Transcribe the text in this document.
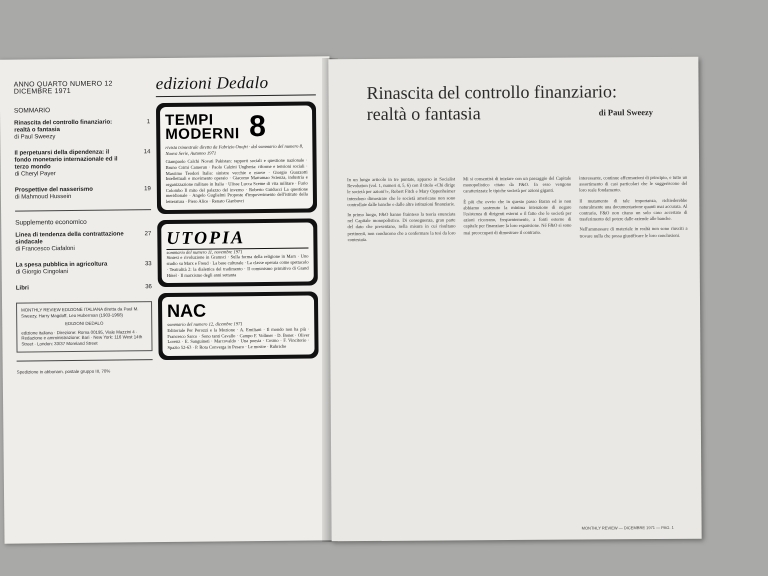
ANNO QUARTO NUMERO 12 DICEMBRE 1971
SOMMARIO
Rinascita del controllo finanziario: realtà o fantasia
di Paul Sweezy
1
Il perpetuarsi della dipendenza: il fondo monetario internazionale ed il terzo mondo
di Cheryl Payer
14
Prospettive del nasserismo
di Mahmoud Hussein
19
Supplemento economico
Linea di tendenza della contrattazione sindacale
di Francesco Ciafaloni
27
La spesa pubblica in agricoltura
di Giorgio Cingolani
33
Libri	36
MONTHLY REVIEW EDIZIONE ITALIANA diretta da Paul M. Sweezy, Harry Magdoff, Leo Huberman (1903-1968)
EDIZIONI DEDALO
edizione italiana · Direzione: Roma 00195, Viale Mazzini 4 · Redazione e amministrazione: Bari · New York: 116 West 14th Street · London: 33/37 Moreland Street
Spedizione in abbonam. postale gruppo III, 70%
edizioni Dedalo
TEMPI MODERNI 8
rivista trimestrale diretta da Fabrizio Onofri · dal sommario del numero 8, Nuova Serie, Autunno 1971
Giampaolo Calchi Novati Pakistan: rapporti sociali e questione nazionale · Bruno Crimi Camerun · Paolo Calzini Ungheria: riforme e tensioni sociali · Massimo Teodori Italia: sinistre vecchie e nuove · Giorgio Guazzotti Intellettuali e movimento operaio · Giacomo Marramao Scienza, industria e organizzazione militare in Italia · Ulisse Lucca Sceme di vita militare · Furio Colombo Il mito del palazzo del inverno · Roberto Guiducci La questione meridionale · Angelo Guglielmi Proposte d'impoverimento dell'istituto della letteratura · Piero Alice · Renato Gianbuvri
UTOPIA
sommario del numero 11, novembre 1971
Sintesi e rivoluzione in Gramsci · Sulla forma della religione in Marx · Uno studio su Marx e Freud · La base culturale · La classe operaia come spettacolo · Teatralità 2: la dialettica del tradimento · Il comunismo primitivo di Grand Hôtel · Il marxismo degli anni settanta
NAC
sommario del numero 12, dicembre 1971
Editoriale Per Perozzi e la Mozione · A. Emiliani · Il mondo non ha più · Francesco Sarco · Sono tanti Cavallo · Campo F. Vollmer · D. Bonet · Oliver Lorenz · E. Sanguineti · Marcovaldo · Una poesia · Cosmo · F. Vincitorio · Spazio 52-63 · P. Rota Converga in Pesaro · Le mostre · Rubriche
Rinascita del controllo finanziario:
realtà o fantasia	di Paul Sweezy

In un lungo articolo in tre puntate, apparso in Socialist Revolution (vol. 1, numeri 4, 5, 6) con il titolo «Chi dirige le società per azioni?», Robert Fitch e Mary Oppenheimer intendono dimostrare che le società americane non sono controllate dalle banche e dalle altre istituzioni finanziarie.

In primo luogo, F&O hanno frainteso la teoria enunciata nel Capitale monopolistico. Di conseguenza, gran parte del dato che presentano, nella misura in cui risultano pertinenti, non conducono che a confermare la tesi da loro contestata.

Mi si consentirà di iniziare con un passaggio del Capitale monopolistico citato da F&O. In esso vengono caratterizzate le tipiche società per azioni giganti.

È più che ovvio che in questo passo Baran ed io non abbiamo sostenuto la minima intenzione di negare l'esistenza di dirigenti esterni o il fatto che le società per azioni ricorrano, frequentemente, a fonti esterne di capitale per finanziare la loro espansione. Né F&O si sono mai preoccupati di dimostrare il contrario.

interessante, continue affermazioni di principio, e tutto un assortimento di casi particolari che le suggeriscono del loro reale fondamento.

Il mutamento di tale importanza, richiederebbe naturalmente una documentazione quanti mai accurata. Al contrario, F&O non citano un solo caso accertato di trasferimento del potere dalle aziende alle banche.

Nell'ammassare di materiale in realtà non sono riusciti a trovare nulla che possa giustificare le loro conclusioni.

MONTHLY REVIEW — DICEMBRE 1971 — PAG. 1
